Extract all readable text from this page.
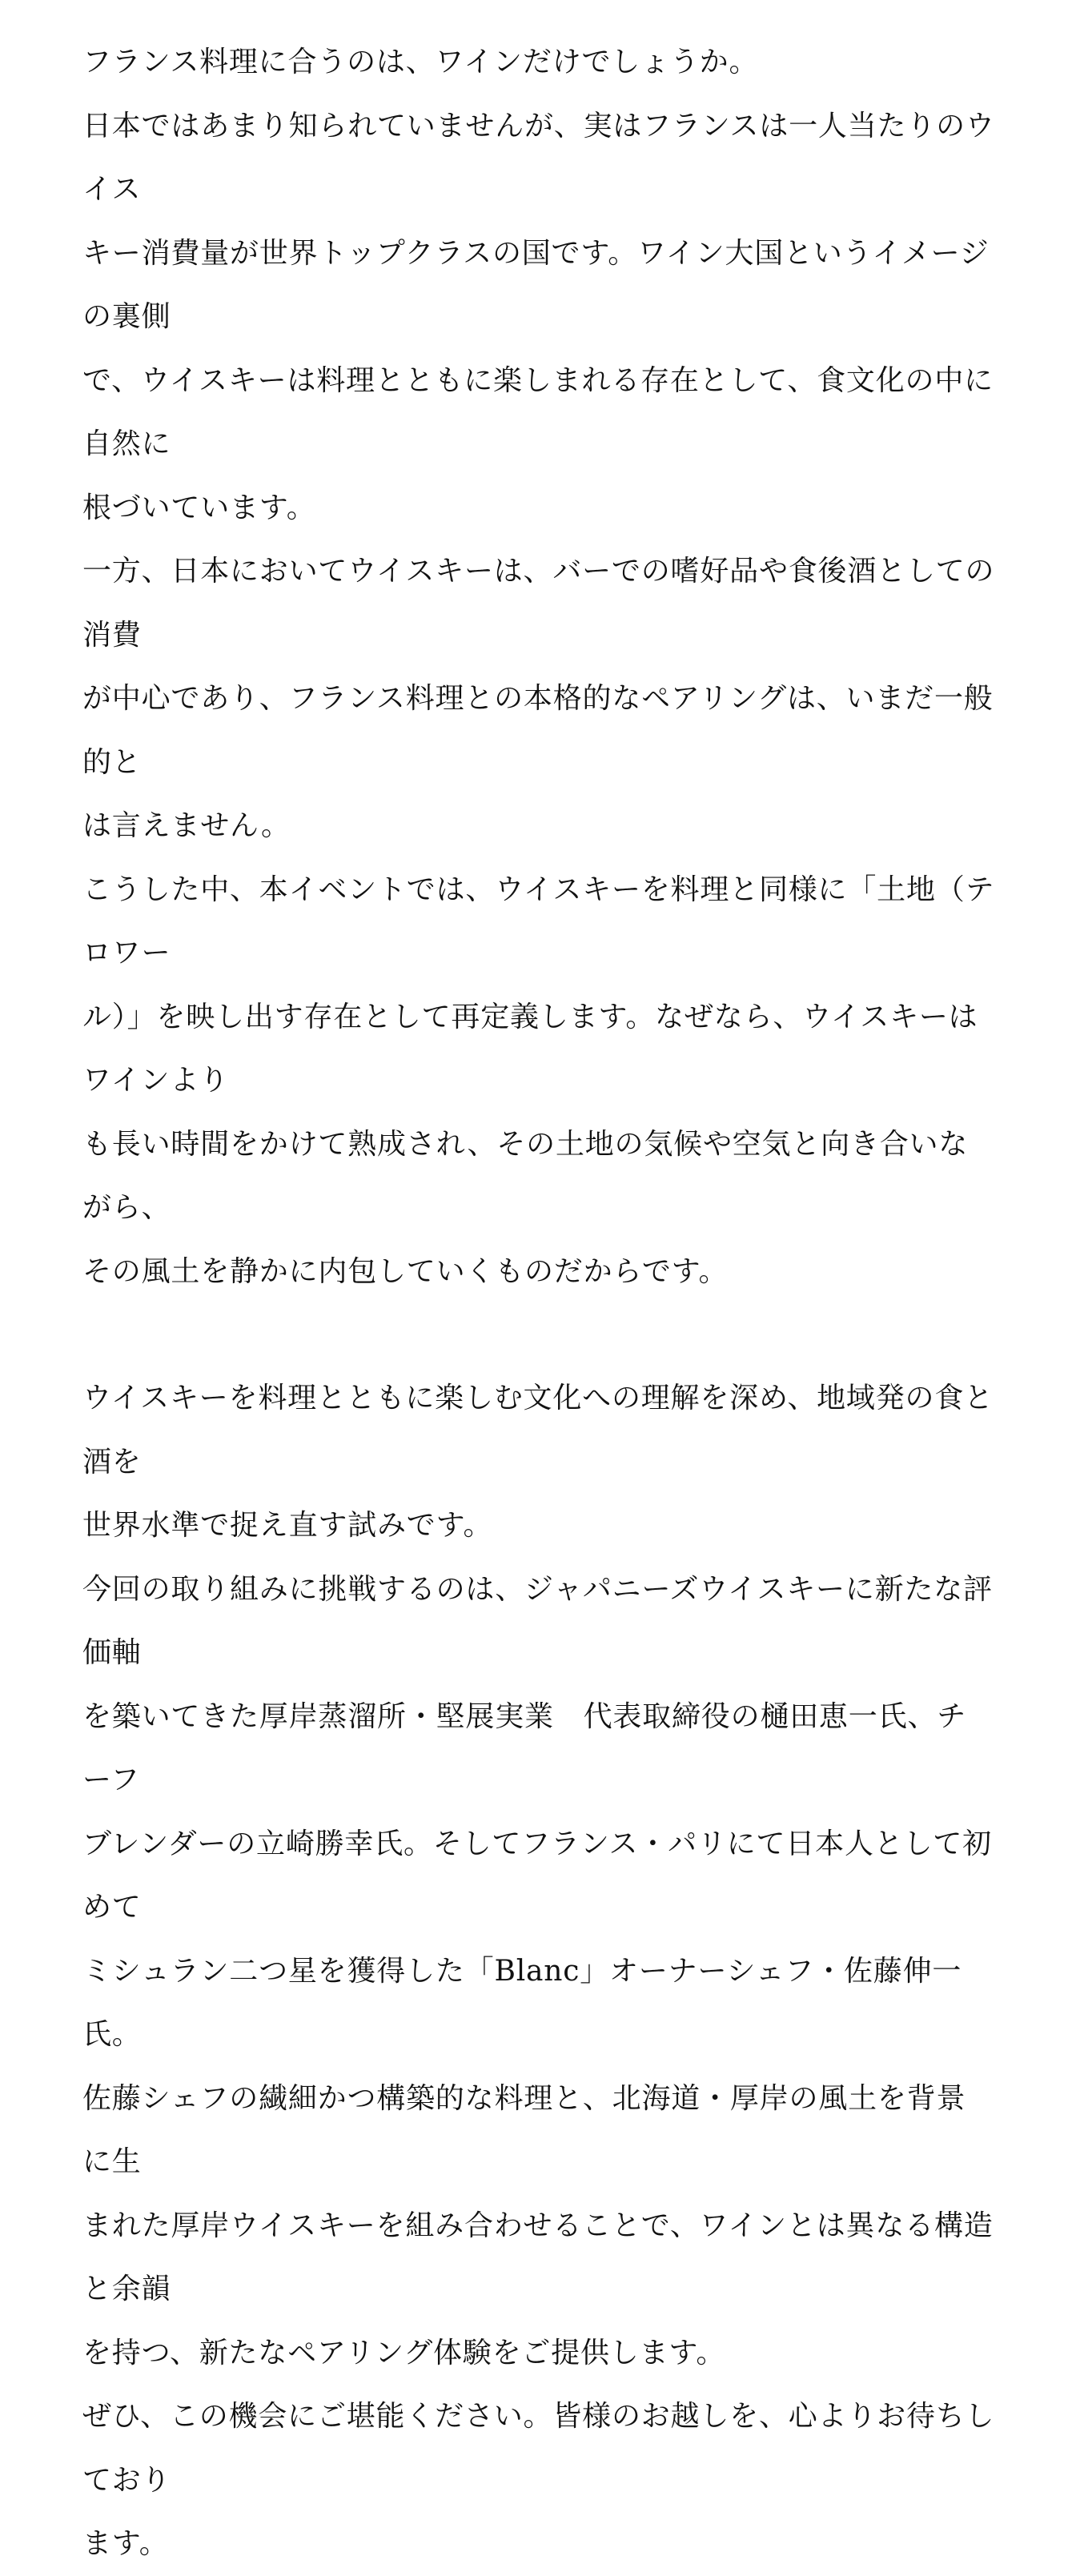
フランス料理に合うのは、ワインだけでしょうか。

日本ではあまり知られていませんが、実はフランスは一人当たりのウイス
キー消費量が世界トップクラスの国です。ワイン大国というイメージの裏側
で、ウイスキーは料理とともに楽しまれる存在として、食文化の中に自然に
根づいています。

一方、日本においてウイスキーは、バーでの嗜好品や食後酒としての消費
が中心であり、フランス料理との本格的なペアリングは、いまだ一般的と
は言えません。

こうした中、本イベントでは、ウイスキーを料理と同様に「土地（テロワー
ル）」を映し出す存在として再定義します。なぜなら、ウイスキーはワインより
も長い時間をかけて熟成され、その土地の気候や空気と向き合いながら、
その風土を静かに内包していくものだからです。

ウイスキーを料理とともに楽しむ文化への理解を深め、地域発の食と酒を
世界水準で捉え直す試みです。

今回の取り組みに挑戦するのは、ジャパニーズウイスキーに新たな評価軸
を築いてきた厚岸蒸溜所・堅展実業　代表取締役の樋田恵一氏、チーフ
ブレンダーの立崎勝幸氏。そしてフランス・パリにて日本人として初めて
ミシュラン二つ星を獲得した「Blanc」オーナーシェフ・佐藤伸一氏。

佐藤シェフの繊細かつ構築的な料理と、北海道・厚岸の風土を背景に生
まれた厚岸ウイスキーを組み合わせることで、ワインとは異なる構造と余韻
を持つ、新たなペアリング体験をご提供します。

ぜひ、この機会にご堪能ください。皆様のお越しを、心よりお待ちしており
ます。
